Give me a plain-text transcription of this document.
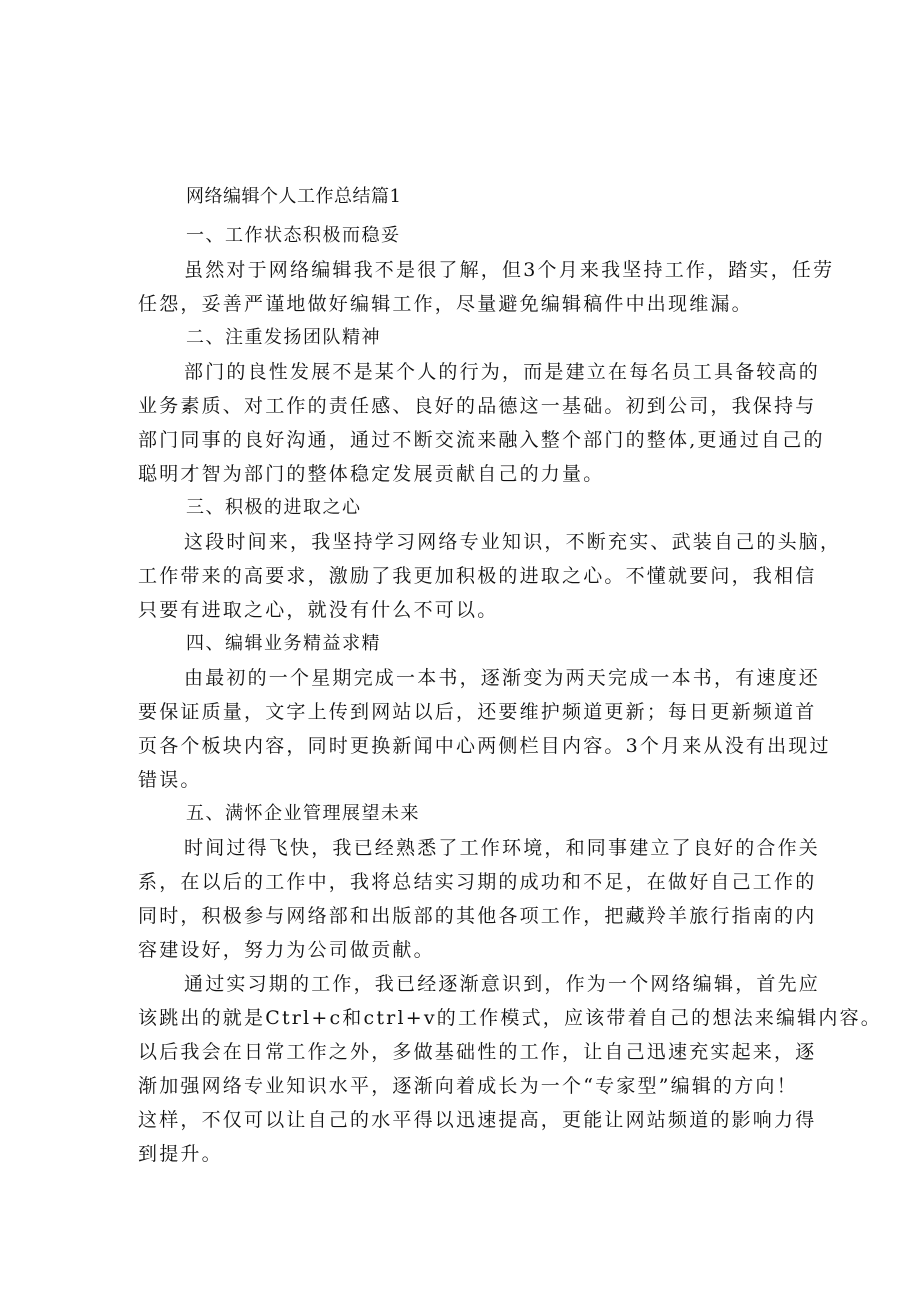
网络编辑个人工作总结篇1
一、工作状态积极而稳妥

虽然对于网络编辑我不是很了解，但3个月来我坚持工作，踏实，任劳
任怨，妥善严谨地做好编辑工作，尽量避免编辑稿件中出现维漏。

二、注重发扬团队精神

部门的良性发展不是某个人的行为，而是建立在每名员工具备较高的
业务素质、对工作的责任感、良好的品德这一基础。初到公司，我保持与
部门同事的良好沟通，通过不断交流来融入整个部门的整体,更通过自己的
聪明才智为部门的整体稳定发展贡献自己的力量。

三、积极的进取之心

这段时间来，我坚持学习网络专业知识，不断充实、武装自己的头脑，
工作带来的高要求，激励了我更加积极的进取之心。不懂就要问，我相信
只要有进取之心，就没有什么不可以。

四、编辑业务精益求精

由最初的一个星期完成一本书，逐渐变为两天完成一本书，有速度还
要保证质量，文字上传到网站以后，还要维护频道更新；每日更新频道首
页各个板块内容，同时更换新闻中心两侧栏目内容。3个月来从没有出现过
错误。

五、满怀企业管理展望未来

时间过得飞快，我已经熟悉了工作环境，和同事建立了良好的合作关
系，在以后的工作中，我将总结实习期的成功和不足，在做好自己工作的
同时，积极参与网络部和出版部的其他各项工作，把藏羚羊旅行指南的内
容建设好，努力为公司做贡献。

通过实习期的工作，我已经逐渐意识到，作为一个网络编辑，首先应
该跳出的就是Ctrl+c和ctrl+v的工作模式，应该带着自己的想法来编辑内容。
以后我会在日常工作之外，多做基础性的工作，让自己迅速充实起来，逐
渐加强网络专业知识水平，逐渐向着成长为一个“专家型”编辑的方向！
这样，不仅可以让自己的水平得以迅速提高，更能让网站频道的影响力得
到提升。
